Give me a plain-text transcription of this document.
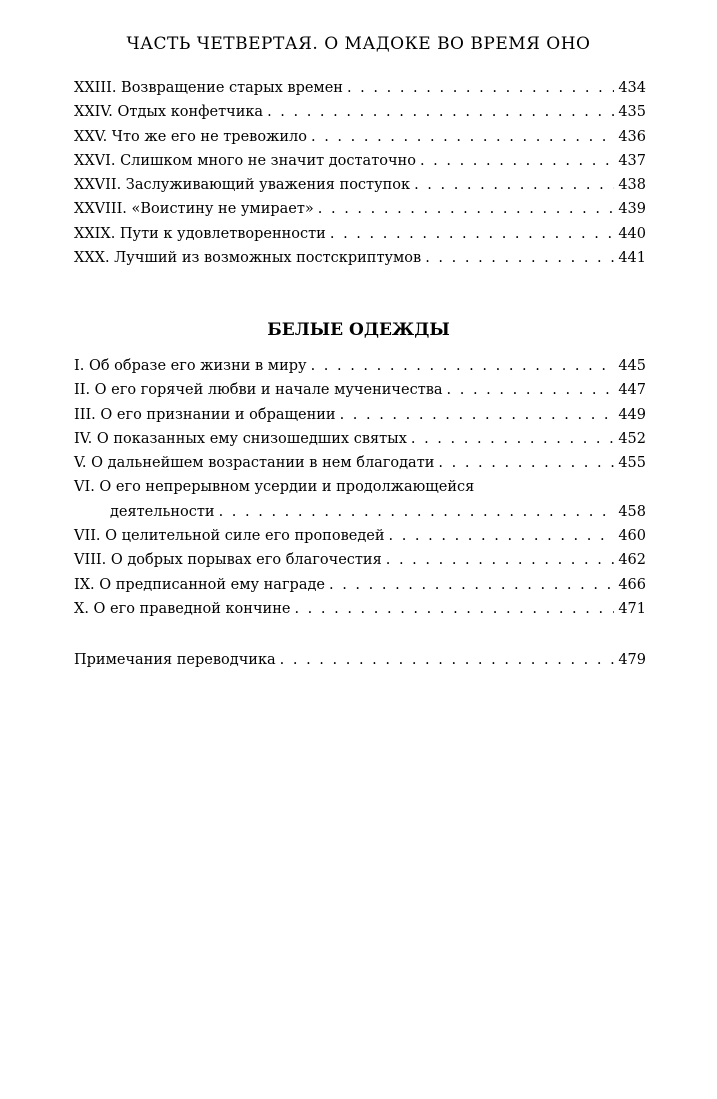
ЧАСТЬ ЧЕТВЕРТАЯ. О МАДОКЕ ВО ВРЕМЯ ОНО
XXIII. Возвращение старых времен . . .	434
XXIV. Отдых конфетчика . . .	435
XXV. Что же его не тревожило . . .	436
XXVI. Слишком много не значит достаточно . . .	437
XXVII. Заслуживающий уважения поступок . . .	438
XXVIII. «Воистину не умирает» . . .	439
XXIX. Пути к удовлетворенности . . .	440
XXX. Лучший из возможных постскриптумов . . .	441
БЕЛЫЕ ОДЕЖДЫ
I. Об образе его жизни в миру . . .	445
II. О его горячей любви и начале мученичества . . .	447
III. О его признании и обращении . . .	449
IV. О показанных ему снизошедших святых . . .	452
V. О дальнейшем возрастании в нем благодати . . .	455
VI. О его непрерывном усердии и продолжающейся
деятельности . . .	458
VII. О целительной силе его проповедей . . .	460
VIII. О добрых порывах его благочестия . . .	462
IX. О предписанной ему награде . . .	466
X. О его праведной кончине . . .	471
Примечания переводчика . . .	479
